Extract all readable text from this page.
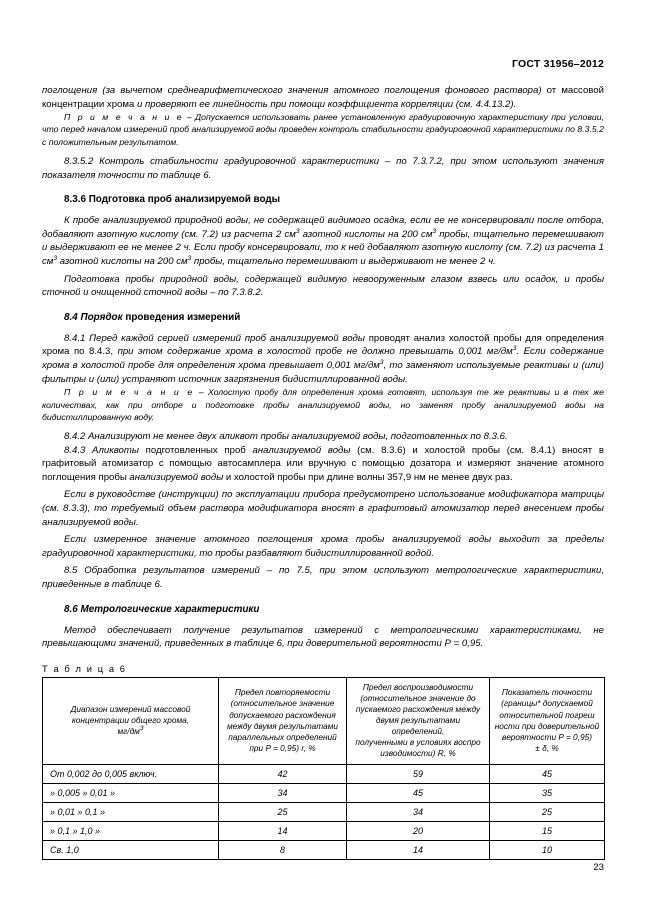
ГОСТ 31956–2012

поглощения (за вычетом среднеарифметического значения атомного поглощения фонового раствора) от массовой концентрации хрома и проверяют ее линейность при помощи коэффициента корреляции (см. 4.4.13.2).

П р и м е ч а н и е – Допускается использовать ранее установленную градуировочную характеристику при условии, что перед началом измерений проб анализируемой воды проведен контроль стабильности градуировочной характеристики по 8.3.5.2 с положительным результатом.

8.3.5.2 Контроль стабильности градуировочной характеристики – по 7.3.7.2, при этом используют значения показателя точности по таблице 6.

8.3.6 Подготовка проб анализируемой воды

К пробе анализируемой природной воды, не содержащей видимого осадка, если ее не консервировали после отбора, добавляют азотную кислоту (см. 7.2) из расчета 2 $см^3$ азотной кислоты на 200 $см^3$ пробы, тщательно перемешивают и выдерживают ее не менее 2 ч. Если пробу консервировали, то к ней добавляют азотную кислоту (см. 7.2) из расчета 1 $см^3$ азотной кислоты на 200 $см^3$ пробы, тщательно перемешивают и выдерживают не менее 2 ч.

Подготовка пробы природной воды, содержащей видимую невооруженным глазом взвесь или осадок, и пробы сточной и очищенной сточной воды – по 7.3.8.2.

8.4 Порядок проведения измерений

8.4.1 Перед каждой серией измерений проб анализируемой воды проводят анализ холостой пробы для определения хрома по 8.4.3, при этом содержание хрома в холостой пробе не должно превышать 0,001 $мг/дм^3$. Если содержание хрома в холостой пробе для определения хрома превышает 0,001 $мг/дм^3$, то заменяют используемые реактивы и (или) фильтры и (или) устраняют источник загрязнения бидистиллированной воды.

П р и м е ч а н и е – Холостую пробу для определения хрома готовят, используя те же реактивы и в тех же количествах, как при отборе и подготовке пробы анализируемой воды, но заменяя пробу анализируемой воды на бидистиллированную воду.

8.4.2 Анализируют не менее двух аликвот пробы анализируемой воды, подготовленных по 8.3.6.

8.4.3 Аликвоты подготовленных проб анализируемой воды (см. 8.3.6) и холостой пробы (см. 8.4.1) вносят в графитовый атомизатор с помощью автосамплера или вручную с помощью дозатора и измеряют значение атомного поглощения пробы анализируемой воды и холостой пробы при длине волны 357,9 нм не менее двух раз.

Если в руководстве (инструкции) по эксплуатации прибора предусмотрено использование модификатора матрицы (см. 8.3.3), то требуемый объем раствора модификатора вносят в графитовый атомизатор перед внесением пробы анализируемой воды.

Если измеренное значение атомного поглощения хрома пробы анализируемой воды выходит за пределы градуировочной характеристики, то пробы разбавляют бидистиллированной водой.

8.5 Обработка результатов измерений – по 7.5, при этом используют метрологические характеристики, приведенные в таблице 6.

8.6 Метрологические характеристики

Метод обеспечивает получение результатов измерений с метрологическими характеристиками, не превышающими значений, приведенных в таблице 6, при доверительной вероятности Р = 0,95.

Т а б л и ц а 6
Диапазон измерений массовой
концентрации общего хрома,
$мг/дм^3$	Предел повторяемости
(относительное значение
допускаемого расхождения
между двумя результатами
параллельных определений
при P = 0,95) r, %	Предел воспроизводимости
(относительное значение до
пускаемого расхождения между
двумя результатами определений,
полученными в условиях воспро
изводимости) R, %	Показатель точности
(границы* допускаемой
относительной погреш
ности при доверительной
вероятности P = 0,95)
± δ, %
От 0,002 до 0,005 включ.	42	59	45
» 0,005 » 0,01 »	34	45	35
» 0,01 » 0,1 »	25	34	25
» 0,1 » 1,0 »	14	20	15
Св. 1,0	8	14	10
23
